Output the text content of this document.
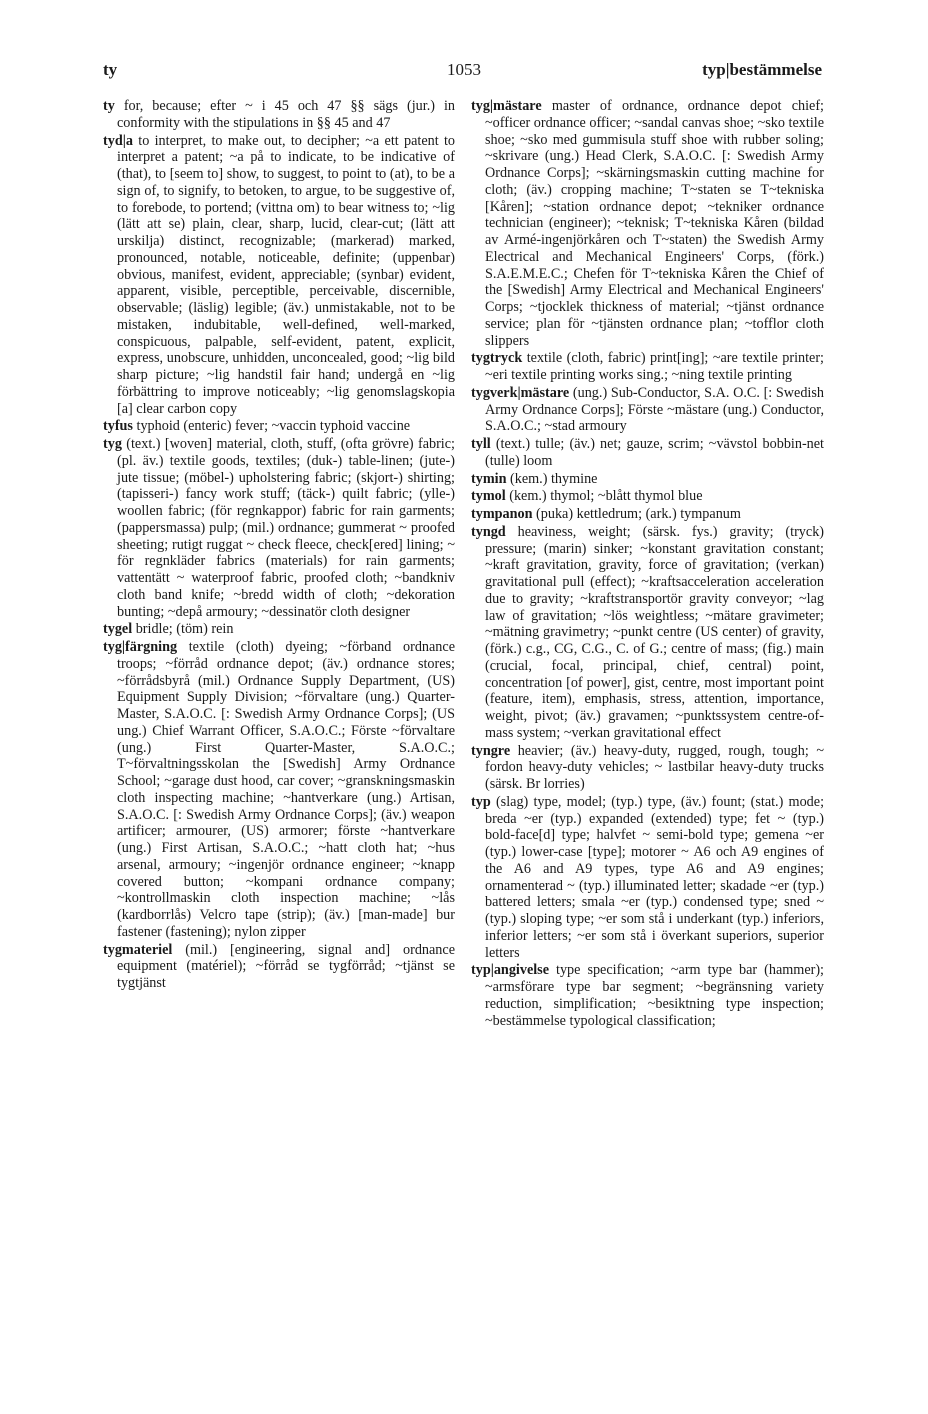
ty	1053	typ|bestämmelse

ty for, because; efter ~ i 45 och 47 §§ sägs (jur.) in conformity with the stipulations in §§ 45 and 47

tyd|a to interpret, to make out, to decipher; ~a ett patent to interpret a patent; ~a på to indicate, to be indicative of (that), to [seem to] show, to suggest, to point to (at), to be a sign of, to signify, to betoken, to argue, to be suggestive of, to forebode, to portend; (vittna om) to bear witness to; ~lig (lätt att se) plain, clear, sharp, lucid, clear-cut; (lätt att urskilja) distinct, recognizable; (markerad) marked, pronounced, notable, noticeable, definite; (uppenbar) obvious, manifest, evident, appreciable; (synbar) evident, apparent, visible, perceptible, perceivable, discernible, observable; (läslig) legible; (äv.) unmistakable, not to be mistaken, indubitable, well-defined, well-marked, conspicuous, palpable, self-evident, patent, explicit, express, unobscure, unhidden, unconcealed, good; ~lig bild sharp picture; ~lig handstil fair hand; undergå en ~lig förbättring to improve noticeably; ~lig genomslagskopia [a] clear carbon copy

tyfus typhoid (enteric) fever; ~vaccin typhoid vaccine

tyg (text.) [woven] material, cloth, stuff, (ofta grövre) fabric; (pl. äv.) textile goods, textiles; (duk-) table-linen; (jute-) jute tissue; (möbel-) upholstering fabric; (skjort-) shirting; (tapisseri-) fancy work stuff; (täck-) quilt fabric; (ylle-) woollen fabric; (för regnkappor) fabric for rain garments; (pappersmassa) pulp; (mil.) ordnance; gummerat ~ proofed sheeting; rutigt ruggat ~ check fleece, check[ered] lining; ~ för regnkläder fabrics (materials) for rain garments; vattentätt ~ waterproof fabric, proofed cloth; ~bandkniv cloth band knife; ~bredd width of cloth; ~dekoration bunting; ~depå armoury; ~dessinatör cloth designer

tygel bridle; (töm) rein

tyg|färgning textile (cloth) dyeing; ~förband ordnance troops; ~förråd ordnance depot; (äv.) ordnance stores; ~förrådsbyrå (mil.) Ordnance Supply Department, (US) Equipment Supply Division; ~förvaltare (ung.) Quarter-Master, S.A.O.C. [: Swedish Army Ordnance Corps]; (US ung.) Chief Warrant Officer, S.A.O.C.; Förste ~förvaltare (ung.) First Quarter-Master, S.A.O.C.; T~förvaltningsskolan the [Swedish] Army Ordnance School; ~garage dust hood, car cover; ~granskningsmaskin cloth inspecting machine; ~hantverkare (ung.) Artisan, S.A.O.C. [: Swedish Army Ordnance Corps]; (äv.) weapon artificer; armourer, (US) armorer; förste ~hantverkare (ung.) First Artisan, S.A.O.C.; ~hatt cloth hat; ~hus arsenal, armoury; ~ingenjör ordnance engineer; ~knapp covered button; ~kompani ordnance company; ~kontrollmaskin cloth inspection machine; ~lås (kardborrlås) Velcro tape (strip); (äv.) [man-made] bur fastener (fastening); nylon zipper

tygmateriel (mil.) [engineering, signal and] ordnance equipment (matériel); ~förråd se tygförråd; ~tjänst se tygtjänst

tyg|mästare master of ordnance, ordnance depot chief; ~officer ordnance officer; ~sandal canvas shoe; ~sko textile shoe; ~sko med gummisula stuff shoe with rubber soling; ~skrivare (ung.) Head Clerk, S.A.O.C. [: Swedish Army Ordnance Corps]; ~skärningsmaskin cutting machine for cloth; (äv.) cropping machine; T~staten se T~tekniska [Kåren]; ~station ordnance depot; ~tekniker ordnance technician (engineer); ~teknisk; T~tekniska Kåren (bildad av Armé-ingenjörkåren och T~staten) the Swedish Army Electrical and Mechanical Engineers' Corps, (förk.) S.A.E.M.E.C.; Chefen för T~tekniska Kåren the Chief of the [Swedish] Army Electrical and Mechanical Engineers' Corps; ~tjocklek thickness of material; ~tjänst ordnance service; plan för ~tjänsten ordnance plan; ~tofflor cloth slippers

tygtryck textile (cloth, fabric) print[ing]; ~are textile printer; ~eri textile printing works sing.; ~ning textile printing

tygverk|mästare (ung.) Sub-Conductor, S.A. O.C. [: Swedish Army Ordnance Corps]; Förste ~mästare (ung.) Conductor, S.A.O.C.; ~stad armoury

tyll (text.) tulle; (äv.) net; gauze, scrim; ~vävstol bobbin-net (tulle) loom

tymin (kem.) thymine

tymol (kem.) thymol; ~blått thymol blue

tympanon (puka) kettledrum; (ark.) tympanum

tyngd heaviness, weight; (särsk. fys.) gravity; (tryck) pressure; (marin) sinker; ~konstant gravitation constant; ~kraft gravitation, gravity, force of gravitation; (verkan) gravitational pull (effect); ~kraftsacceleration acceleration due to gravity; ~kraftstransportör gravity conveyor; ~lag law of gravitation; ~lös weightless; ~mätare gravimeter; ~mätning gravimetry; ~punkt centre (US center) of gravity, (förk.) c.g., CG, C.G., C. of G.; centre of mass; (fig.) main (crucial, focal, principal, chief, central) point, concentration [of power], gist, centre, most important point (feature, item), emphasis, stress, attention, importance, weight, pivot; (äv.) gravamen; ~punktssystem centre-of-mass system; ~verkan gravitational effect

tyngre heavier; (äv.) heavy-duty, rugged, rough, tough; ~ fordon heavy-duty vehicles; ~ lastbilar heavy-duty trucks (särsk. Br lorries)

typ (slag) type, model; (typ.) type, (äv.) fount; (stat.) mode; breda ~er (typ.) expanded (extended) type; fet ~ (typ.) bold-face[d] type; halvfet ~ semi-bold type; gemena ~er (typ.) lower-case [type]; motorer ~ A6 och A9 engines of the A6 and A9 types, type A6 and A9 engines; ornamenterad ~ (typ.) illuminated letter; skadade ~er (typ.) battered letters; smala ~er (typ.) condensed type; sned ~ (typ.) sloping type; ~er som stå i underkant (typ.) inferiors, inferior letters; ~er som stå i överkant superiors, superior letters

typ|angivelse type specification; ~arm type bar (hammer); ~armsförare type bar segment; ~begränsning variety reduction, simplification; ~besiktning type inspection; ~bestämmelse typological classification;
